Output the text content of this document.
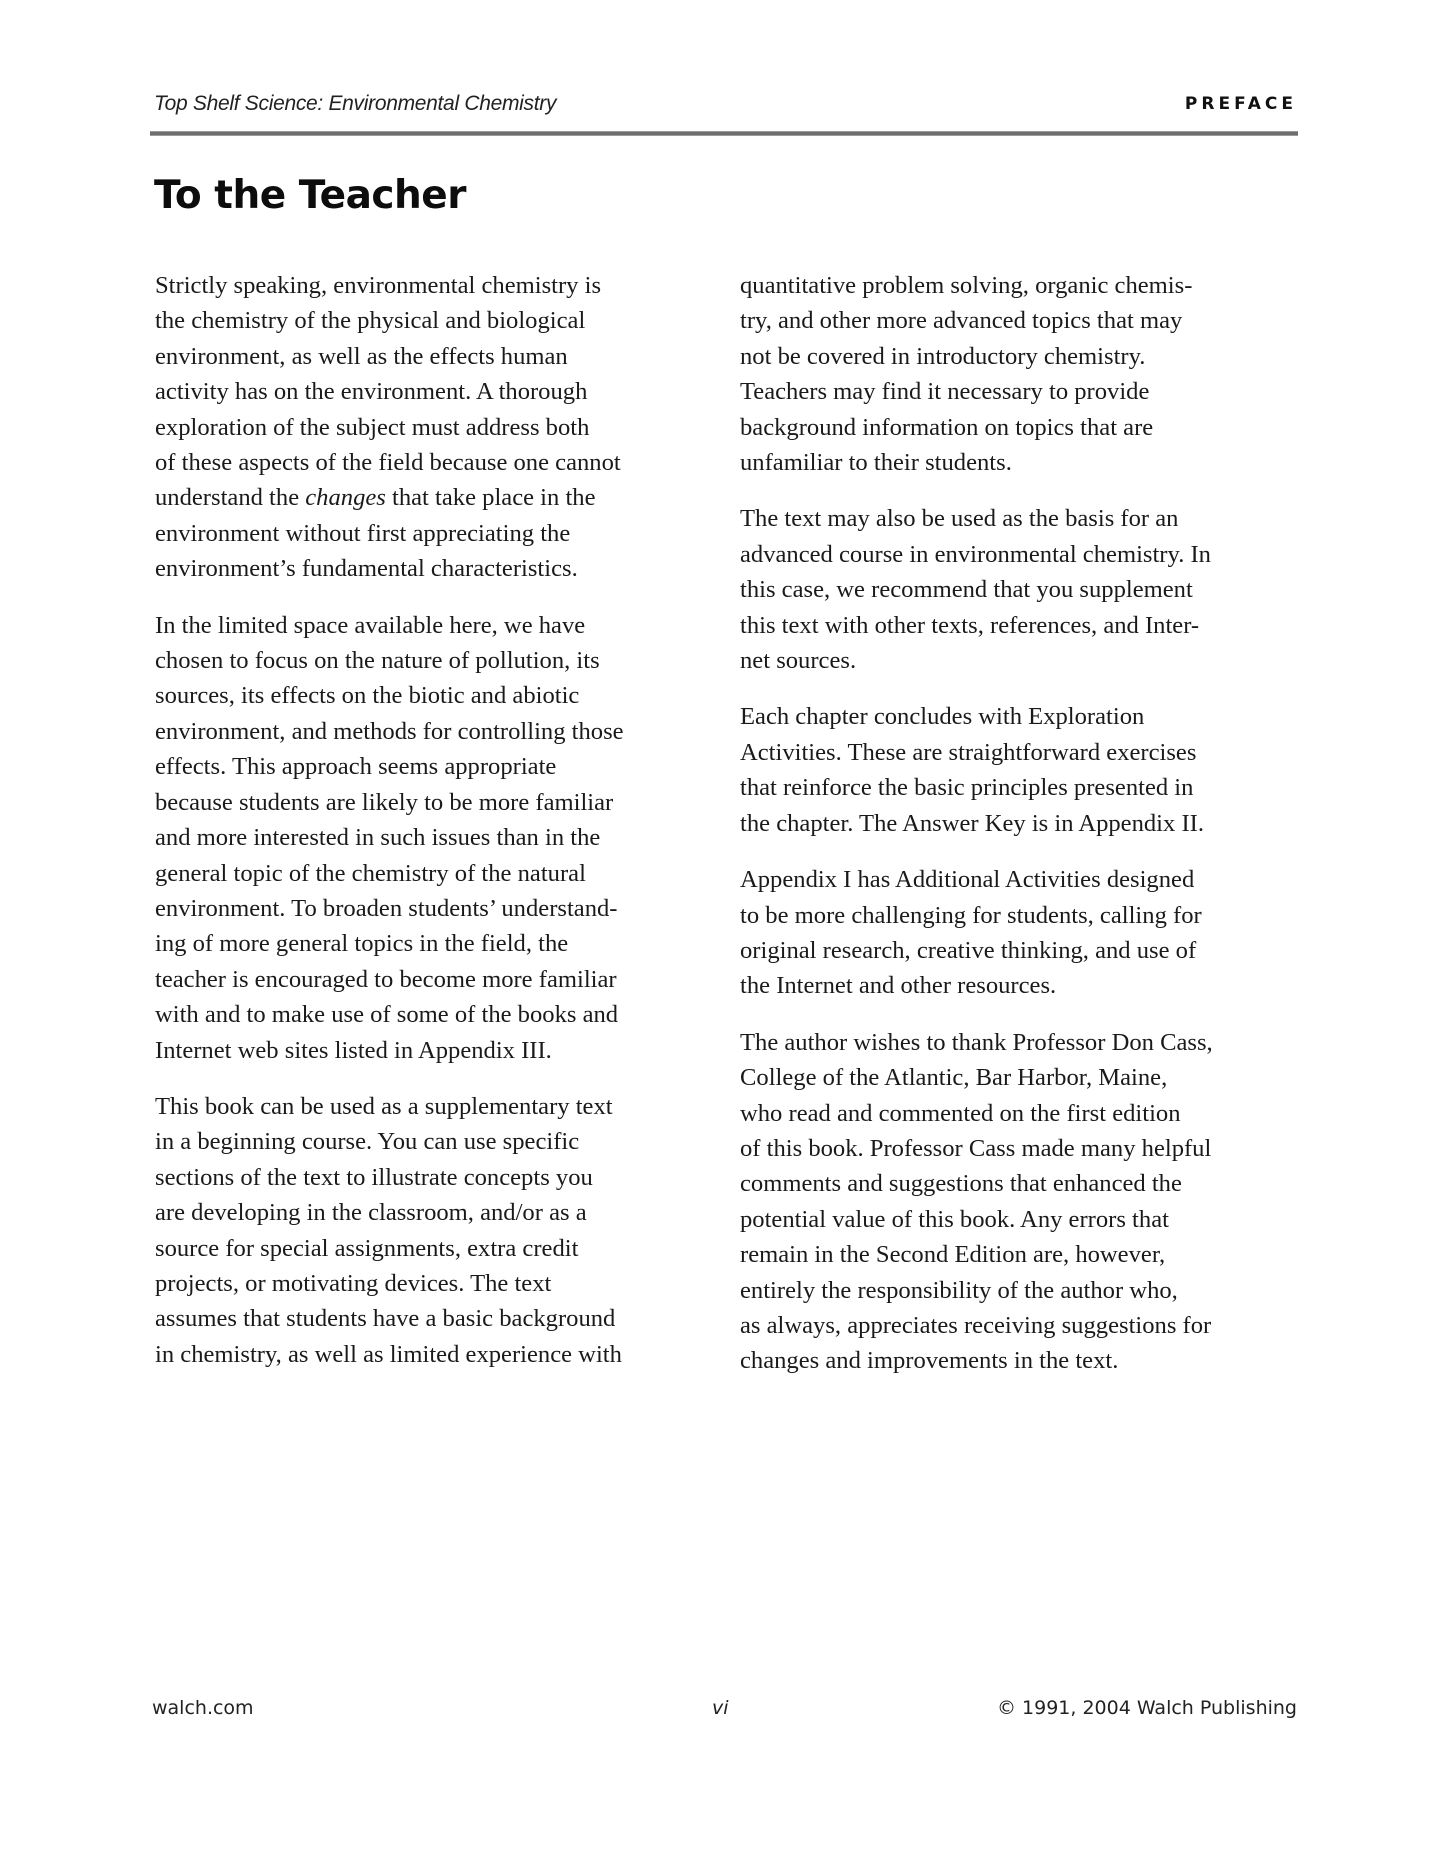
Top Shelf Science: Environmental Chemistry	PREFACE
To the Teacher

Strictly speaking, environmental chemistry is
the chemistry of the physical and biological
environment, as well as the effects human
activity has on the environment. A thorough
exploration of the subject must address both
of these aspects of the field because one cannot
understand the changes that take place in the
environment without first appreciating the
environment’s fundamental characteristics.

In the limited space available here, we have
chosen to focus on the nature of pollution, its
sources, its effects on the biotic and abiotic
environment, and methods for controlling those
effects. This approach seems appropriate
because students are likely to be more familiar
and more interested in such issues than in the
general topic of the chemistry of the natural
environment. To broaden students’ understand-
ing of more general topics in the field, the
teacher is encouraged to become more familiar
with and to make use of some of the books and
Internet web sites listed in Appendix III.

This book can be used as a supplementary text
in a beginning course. You can use specific
sections of the text to illustrate concepts you
are developing in the classroom, and/or as a
source for special assignments, extra credit
projects, or motivating devices. The text
assumes that students have a basic background
in chemistry, as well as limited experience with

quantitative problem solving, organic chemis-
try, and other more advanced topics that may
not be covered in introductory chemistry.
Teachers may find it necessary to provide
background information on topics that are
unfamiliar to their students.

The text may also be used as the basis for an
advanced course in environmental chemistry. In
this case, we recommend that you supplement
this text with other texts, references, and Inter-
net sources.

Each chapter concludes with Exploration
Activities. These are straightforward exercises
that reinforce the basic principles presented in
the chapter. The Answer Key is in Appendix II.

Appendix I has Additional Activities designed
to be more challenging for students, calling for
original research, creative thinking, and use of
the Internet and other resources.

The author wishes to thank Professor Don Cass,
College of the Atlantic, Bar Harbor, Maine,
who read and commented on the first edition
of this book. Professor Cass made many helpful
comments and suggestions that enhanced the
potential value of this book. Any errors that
remain in the Second Edition are, however,
entirely the responsibility of the author who,
as always, appreciates receiving suggestions for
changes and improvements in the text.

walch.com	vi	© 1991, 2004 Walch Publishing
